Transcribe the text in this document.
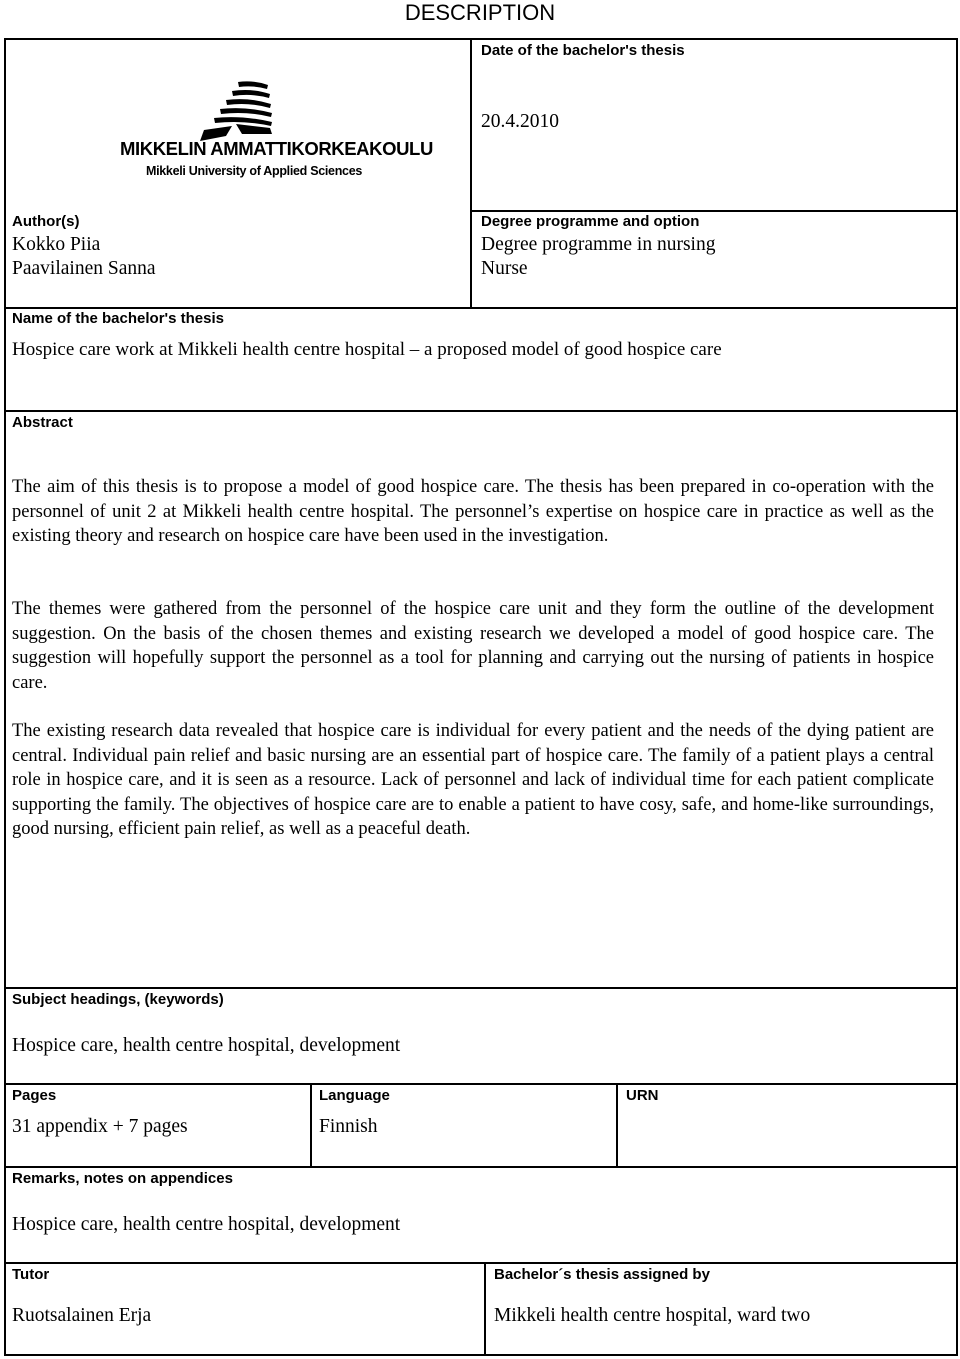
DESCRIPTION
MIKKELIN AMMATTIKORKEAKOULU
Mikkeli University of Applied Sciences
Date of the bachelor's thesis
20.4.2010
Author(s)
Kokko Piia
Paavilainen Sanna
Degree programme and option
Degree programme in nursing
Nurse
Name of the bachelor's thesis
Hospice care work at Mikkeli health centre hospital – a proposed model of good hospice care
Abstract

The aim of this thesis is to propose a model of good hospice care. The thesis has been prepared in co-operation with the personnel of unit 2 at Mikkeli health centre hospital. The personnel’s expertise on hospice care in practice as well as the existing theory and research on hospice care have been used in the investigation.

The themes were gathered from the personnel of the hospice care unit and they form the outline of the development suggestion. On the basis of the chosen themes and existing research we developed a model of good hospice care. The suggestion will hopefully support the personnel as a tool for planning and carrying out the nursing of patients in hospice care.

The existing research data revealed that hospice care is individual for every patient and the needs of the dying patient are central. Individual pain relief and basic nursing are an essential part of hospice care. The family of a patient plays a central role in hospice care, and it is seen as a resource. Lack of personnel and lack of individual time for each patient complicate supporting the family. The objectives of hospice care are to enable a patient to have cosy, safe, and home-like surroundings, good nursing, efficient pain relief, as well as a peaceful death.

Subject headings, (keywords)
Hospice care, health centre hospital, development
Pages
31 appendix + 7 pages
Language
Finnish
URN
Remarks, notes on appendices
Hospice care, health centre hospital, development
Tutor
Ruotsalainen Erja
Bachelor´s thesis assigned by
Mikkeli health centre hospital, ward two
